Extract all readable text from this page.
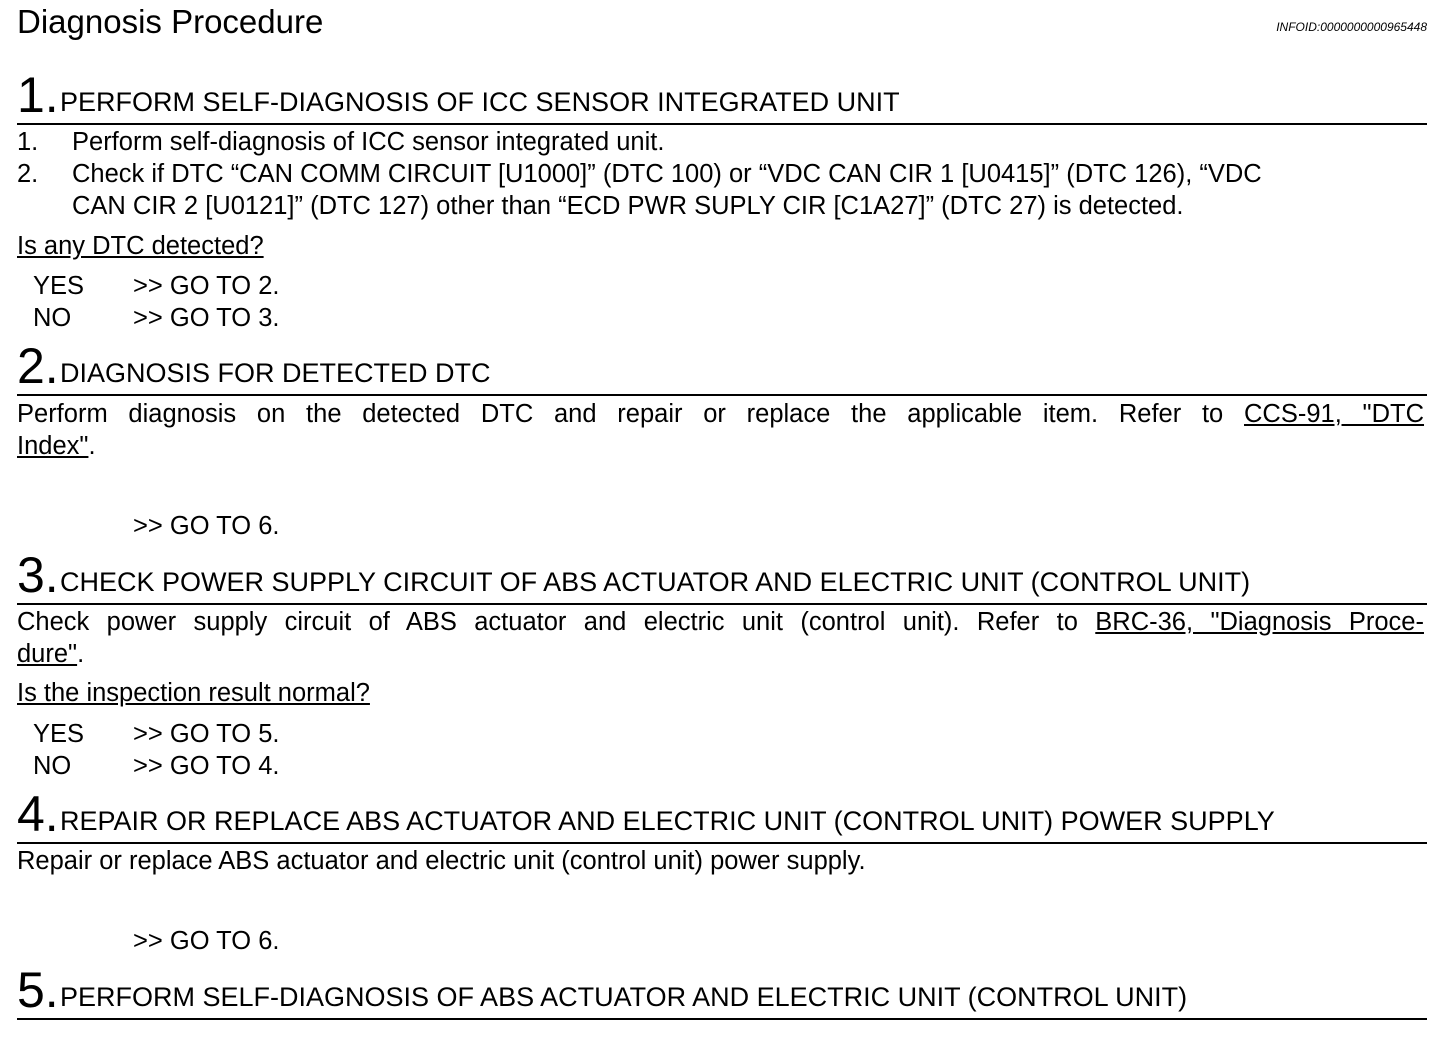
Diagnosis Procedure	INFOID:0000000000965448
1. PERFORM SELF-DIAGNOSIS OF ICC SENSOR INTEGRATED UNIT
1. Perform self-diagnosis of ICC sensor integrated unit.
2. Check if DTC “CAN COMM CIRCUIT [U1000]” (DTC 100) or “VDC CAN CIR 1 [U0415]” (DTC 126), “VDC
CAN CIR 2 [U0121]” (DTC 127) other than “ECD PWR SUPLY CIR [C1A27]” (DTC 27) is detected.
Is any DTC detected?
YES >> GO TO 2.
NO >> GO TO 3.
2. DIAGNOSIS FOR DETECTED DTC
Perform diagnosis on the detected DTC and repair or replace the applicable item. Refer to CCS-91, "DTC
Index".
>> GO TO 6.
3. CHECK POWER SUPPLY CIRCUIT OF ABS ACTUATOR AND ELECTRIC UNIT (CONTROL UNIT)
Check power supply circuit of ABS actuator and electric unit (control unit). Refer to BRC-36, "Diagnosis Proce-
dure".
Is the inspection result normal?
YES >> GO TO 5.
NO >> GO TO 4.
4. REPAIR OR REPLACE ABS ACTUATOR AND ELECTRIC UNIT (CONTROL UNIT) POWER SUPPLY
Repair or replace ABS actuator and electric unit (control unit) power supply.
>> GO TO 6.
5. PERFORM SELF-DIAGNOSIS OF ABS ACTUATOR AND ELECTRIC UNIT (CONTROL UNIT)
